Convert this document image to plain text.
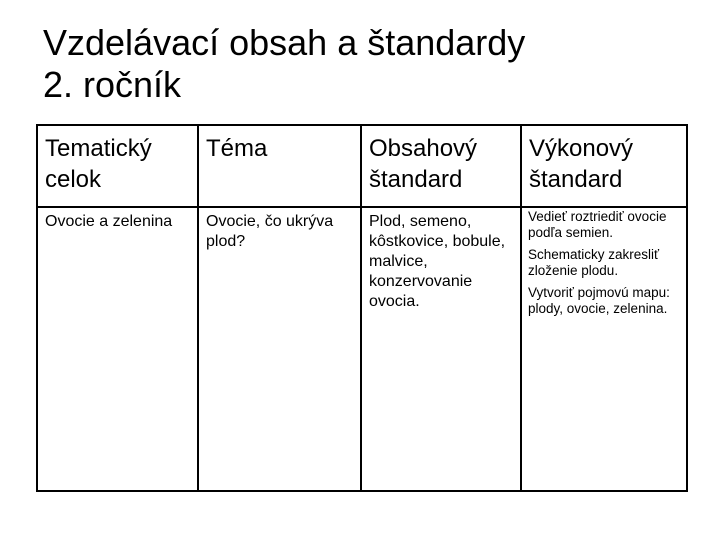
Vzdelávací obsah a štandardy
2. ročník
Tematický celok	Téma	Obsahový štandard	Výkonový štandard
Ovocie a zelenina	Ovocie, čo ukrýva plod?	Plod, semeno, kôstkovice, bobule, malvice, konzervovanie ovocia.	Vedieť roztriediť ovocie podľa semien.
Schematicky zakresliť zloženie plodu.
Vytvoriť pojmovú mapu: plody, ovocie, zelenina.
